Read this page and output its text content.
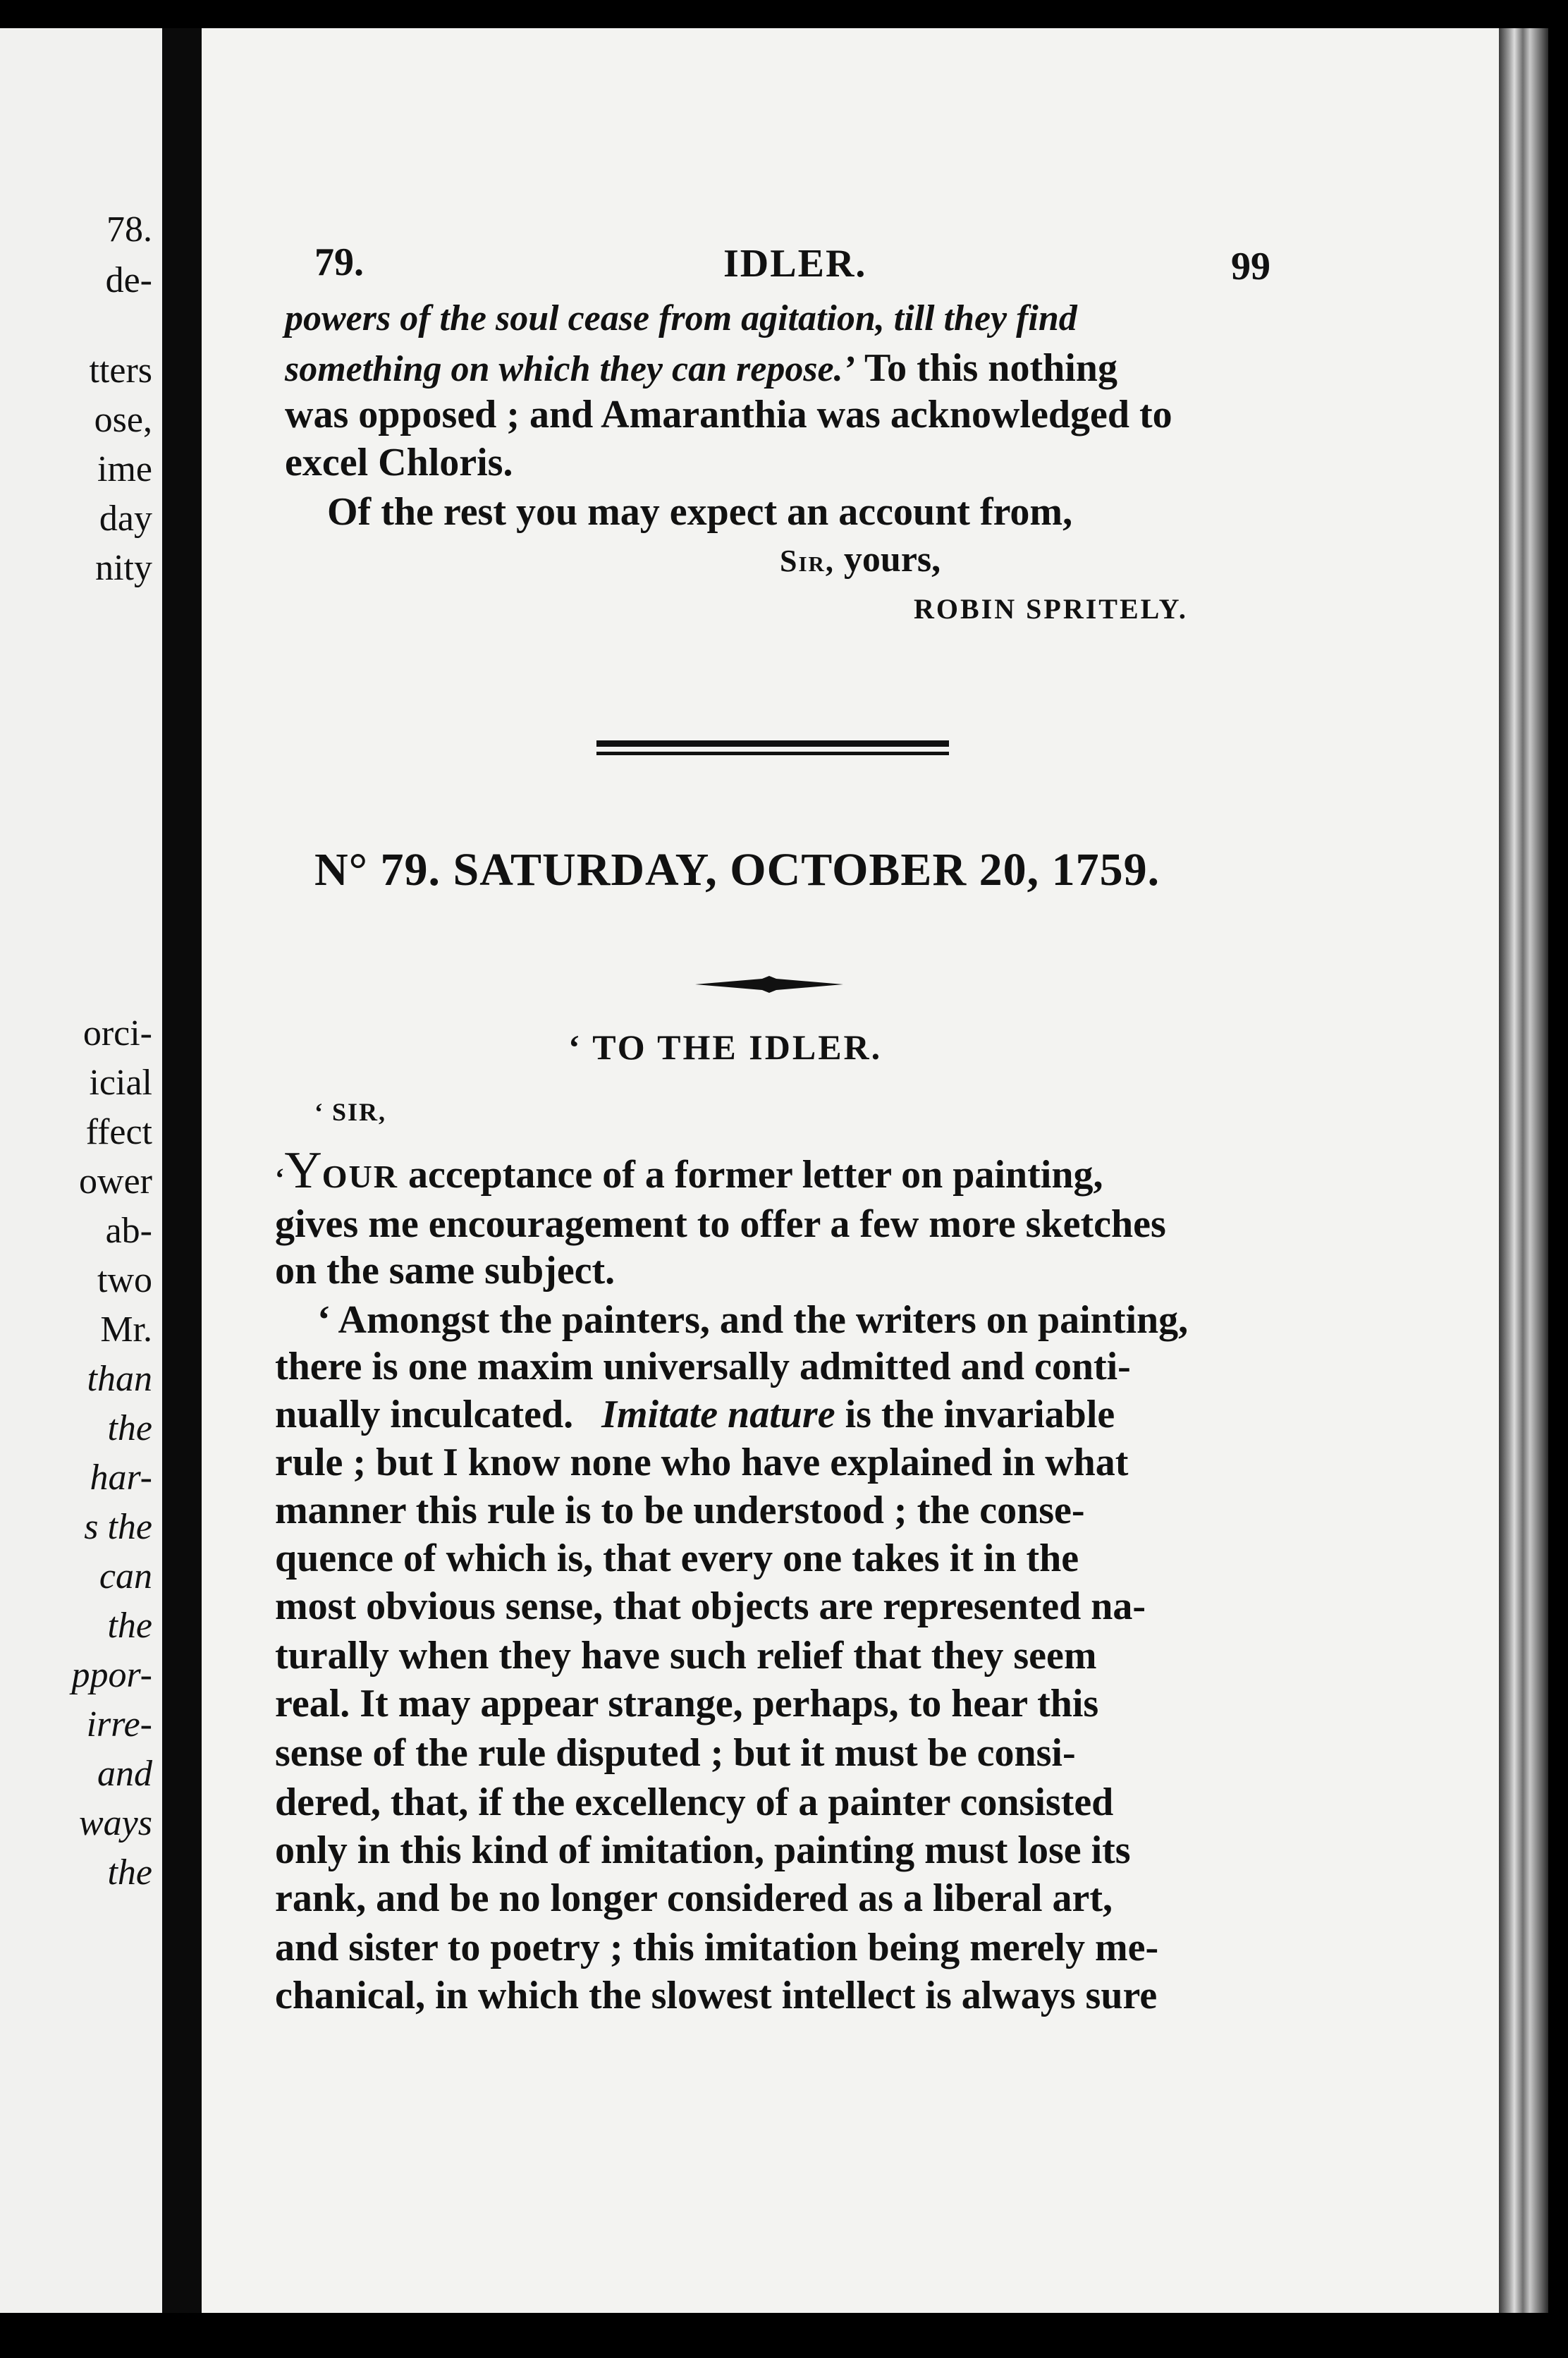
78.
de-
tters
ose,
ime
day
nity
orci-
icial
ffect
ower
ab-
two
Mr.
than
the
har-
s the
can
the
ppor-
irre-
and
ways
the
79.	IDLER.	99
powers of the soul cease from agitation, till they find
something on which they can repose.’ To this nothing
was opposed ; and Amaranthia was acknowledged to
excel Chloris.
Of the rest you may expect an account from,
Sir, yours,
ROBIN SPRITELY.
N° 79. SATURDAY, OCTOBER 20, 1759.
‘ TO THE IDLER.
‘ SIR,
‘YOUR acceptance of a former letter on painting,
gives me encouragement to offer a few more sketches
on the same subject.
‘ Amongst the painters, and the writers on painting,
there is one maxim universally admitted and conti-
nually inculcated. Imitate nature is the invariable
rule ; but I know none who have explained in what
manner this rule is to be understood ; the conse-
quence of which is, that every one takes it in the
most obvious sense, that objects are represented na-
turally when they have such relief that they seem
real. It may appear strange, perhaps, to hear this
sense of the rule disputed ; but it must be consi-
dered, that, if the excellency of a painter consisted
only in this kind of imitation, painting must lose its
rank, and be no longer considered as a liberal art,
and sister to poetry ; this imitation being merely me-
chanical, in which the slowest intellect is always sure
